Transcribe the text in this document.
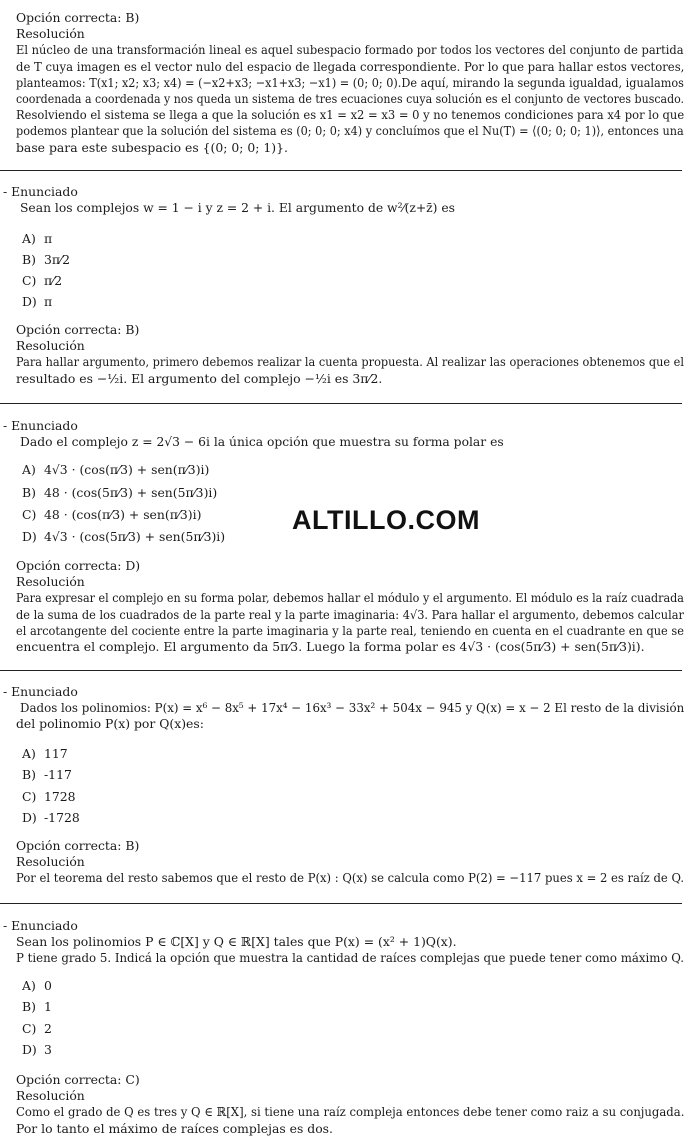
Opción correcta: B)
Resolución
El núcleo de una transformación lineal es aquel subespacio formado por todos los vectores del conjunto de partida de T cuya imagen es el vector nulo del espacio de llegada correspondiente. Por lo que para hallar estos vectores, planteamos: T(x1; x2; x3; x4) = (−x2+x3; −x1+x3; −x1) = (0; 0; 0).De aquí, mirando la segunda igualdad, igualamos coordenada a coordenada y nos queda un sistema de tres ecuaciones cuya solución es el conjunto de vectores buscado. Resolviendo el sistema se llega a que la solución es x1 = x2 = x3 = 0 y no tenemos condiciones para x4 por lo que podemos plantear que la solución del sistema es (0; 0; 0; x4) y concluímos que el Nu(T) = ⟨(0; 0; 0; 1)⟩, entonces una
base para este subespacio es {(0; 0; 0; 1)}.
- Enunciado
Sean los complejos w = 1 − i y z = 2 + i. El argumento de w²⁄(z+z̄) es
A) π
B) 3π⁄2
C) π⁄2
D) π
Opción correcta: B)
Resolución
Para hallar argumento, primero debemos realizar la cuenta propuesta. Al realizar las operaciones obtenemos que el
resultado es −½i. El argumento del complejo −½i es 3π⁄2.
- Enunciado
Dado el complejo z = 2√3 − 6i la única opción que muestra su forma polar es
A) 4√3 · (cos(π⁄3) + sen(π⁄3)i)
B) 48 · (cos(5π⁄3) + sen(5π⁄3)i)
C) 48 · (cos(π⁄3) + sen(π⁄3)i)
D) 4√3 · (cos(5π⁄3) + sen(5π⁄3)i)
Opción correcta: D)
Resolución
Para expresar el complejo en su forma polar, debemos hallar el módulo y el argumento. El módulo es la raíz cuadrada de la suma de los cuadrados de la parte real y la parte imaginaria: 4√3. Para hallar el argumento, debemos calcular el arcotangente del cociente entre la parte imaginaria y la parte real, teniendo en cuenta en el cuadrante en que se
encuentra el complejo. El argumento da 5π⁄3. Luego la forma polar es 4√3 · (cos(5π⁄3) + sen(5π⁄3)i).
- Enunciado
Dados los polinomios: P(x) = x⁶ − 8x⁵ + 17x⁴ − 16x³ − 33x² + 504x − 945 y Q(x) = x − 2 El resto de la división
del polinomio P(x) por Q(x)es:
A) 117
B) -117
C) 1728
D) -1728
Opción correcta: B)
Resolución
Por el teorema del resto sabemos que el resto de P(x) : Q(x) se calcula como P(2) = −117 pues x = 2 es raíz de Q.
- Enunciado
Sean los polinomios P ∈ ℂ[X] y Q ∈ ℝ[X] tales que P(x) = (x² + 1)Q(x).
P tiene grado 5. Indicá la opción que muestra la cantidad de raíces complejas que puede tener como máximo Q.
A) 0
B) 1
C) 2
D) 3
Opción correcta: C)
Resolución
Como el grado de Q es tres y Q ∈ ℝ[X], si tiene una raíz compleja entonces debe tener como raiz a su conjugada.
Por lo tanto el máximo de raíces complejas es dos.
ALTILLO.COM
